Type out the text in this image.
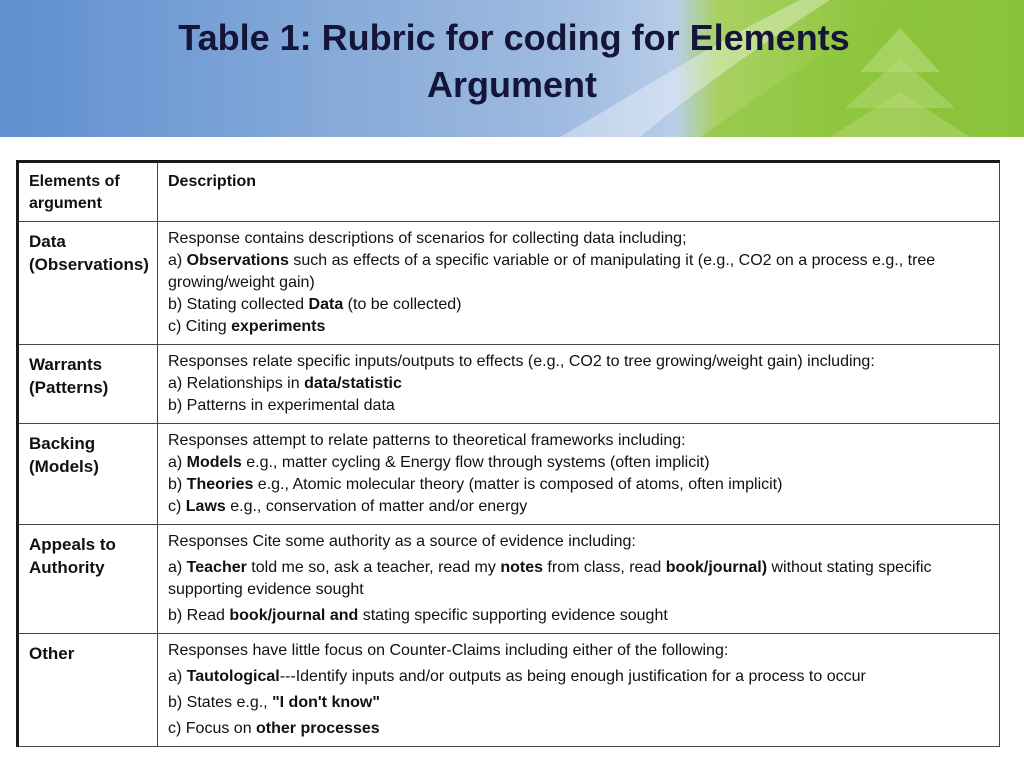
Table 1: Rubric for coding for Elements
Argument
Elements of argument	Description
Data (Observations)	Response contains descriptions of scenarios for collecting data including;

a) Observations such as effects of a specific variable or of manipulating it (e.g., CO2 on a process e.g., tree growing/weight gain)

b) Stating collected Data (to be collected)

c) Citing experiments

Warrants (Patterns)	Responses relate specific inputs/outputs to effects (e.g., CO2 to tree growing/weight gain) including:

a) Relationships in data/statistic

b) Patterns in experimental data

Backing (Models)	Responses attempt to relate patterns to theoretical frameworks including:

a) Models e.g., matter cycling & Energy flow through systems (often implicit)

b) Theories e.g., Atomic molecular theory (matter is composed of atoms, often implicit)

c) Laws e.g., conservation of matter and/or energy

Appeals to Authority	Responses Cite some authority as a source of evidence including:

a) Teacher told me so, ask a teacher, read my notes from class, read book/journal) without stating specific supporting evidence sought

b) Read book/journal and stating specific supporting evidence sought

Other	Responses have little focus on Counter-Claims including either of the following:

a) Tautological---Identify inputs and/or outputs as being enough justification for a process to occur

b) States e.g., "I don't know"

c) Focus on other processes
